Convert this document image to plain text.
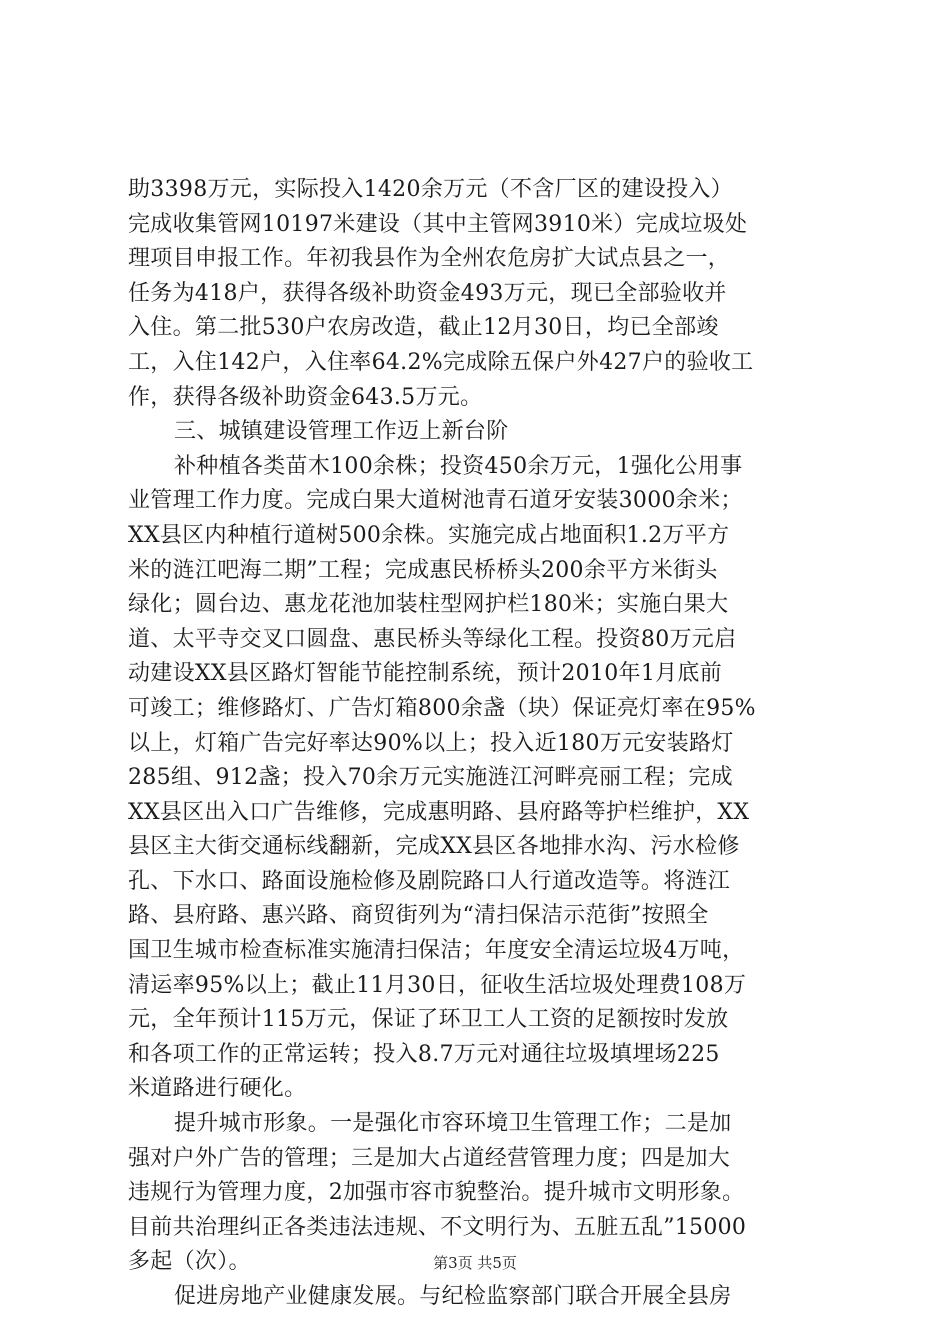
助3398万元，实际投入1420余万元（不含厂区的建设投入）
完成收集管网10197米建设（其中主管网3910米）完成垃圾处
理项目申报工作。年初我县作为全州农危房扩大试点县之一，
任务为418户，获得各级补助资金493万元，现已全部验收并
入住。第二批530户农房改造，截止12月30日，均已全部竣
工，入住142户，入住率64.2%完成除五保户外427户的验收工
作，获得各级补助资金643.5万元。
三、城镇建设管理工作迈上新台阶
补种植各类苗木100余株；投资450余万元，1强化公用事
业管理工作力度。完成白果大道树池青石道牙安装3000余米；
XX县区内种植行道树500余株。实施完成占地面积1.2万平方
米的涟江吧海二期”工程；完成惠民桥桥头200余平方米街头
绿化；圆台边、惠龙花池加装柱型网护栏180米；实施白果大
道、太平寺交叉口圆盘、惠民桥头等绿化工程。投资80万元启
动建设XX县区路灯智能节能控制系统，预计2010年1月底前
可竣工；维修路灯、广告灯箱800余盏（块）保证亮灯率在95%
以上，灯箱广告完好率达90%以上；投入近180万元安装路灯
285组、912盏；投入70余万元实施涟江河畔亮丽工程；完成
XX县区出入口广告维修，完成惠明路、县府路等护栏维护，XX
县区主大街交通标线翻新，完成XX县区各地排水沟、污水检修
孔、下水口、路面设施检修及剧院路口人行道改造等。将涟江
路、县府路、惠兴路、商贸街列为“清扫保洁示范街”按照全
国卫生城市检查标准实施清扫保洁；年度安全清运垃圾4万吨，
清运率95%以上；截止11月30日，征收生活垃圾处理费108万
元，全年预计115万元，保证了环卫工人工资的足额按时发放
和各项工作的正常运转；投入8.7万元对通往垃圾填埋场225
米道路进行硬化。
提升城市形象。一是强化市容环境卫生管理工作；二是加
强对户外广告的管理；三是加大占道经营管理力度；四是加大
违规行为管理力度，2加强市容市貌整治。提升城市文明形象。
目前共治理纠正各类违法违规、不文明行为、五脏五乱”15000
多起（次）。
促进房地产业健康发展。与纪检监察部门联合开展全县房
第3页 共5页
